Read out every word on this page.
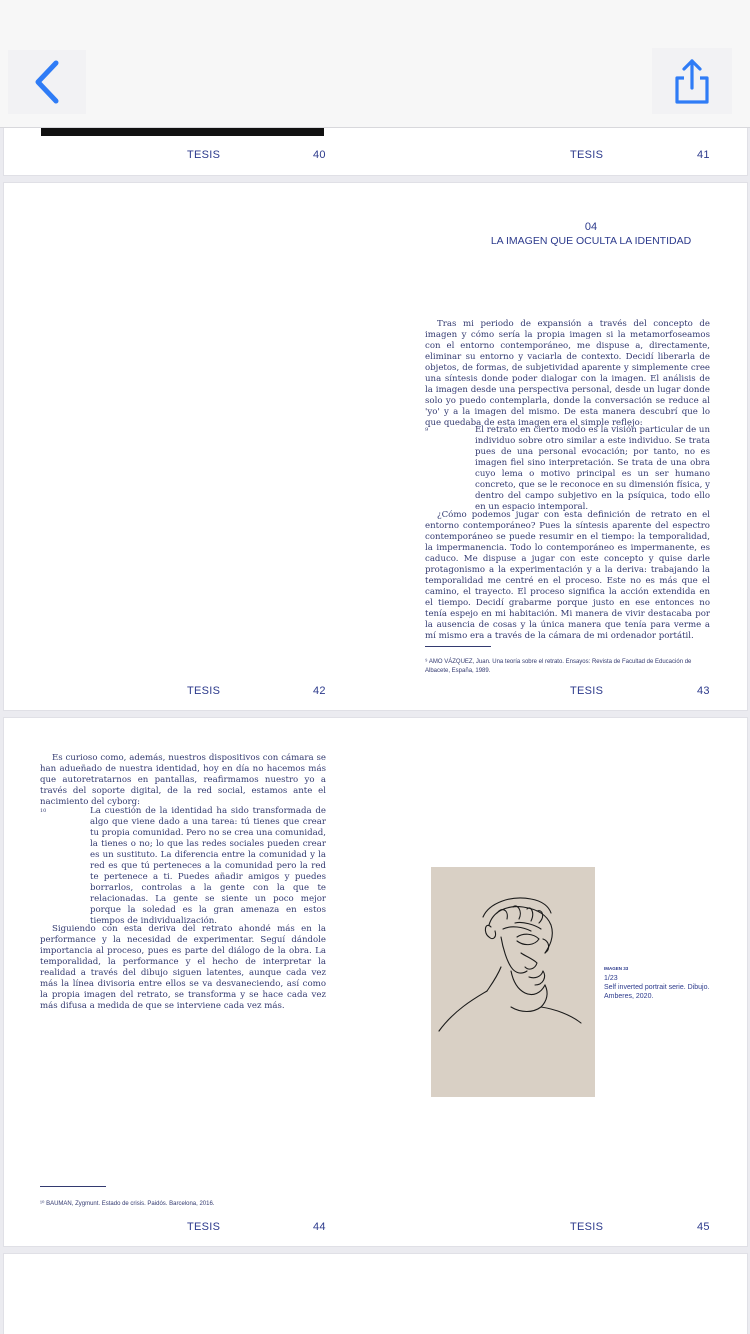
TESIS	40	TESIS	41
04
LA IMAGEN QUE OCULTA LA IDENTIDAD

Tras mi periodo de expansión a través del concepto de imagen y cómo sería la propia imagen si la metamorfoseamos con el entorno contemporáneo, me dispuse a, directamente, eliminar su entorno y vaciarla de contexto. Decidí liberarla de objetos, de formas, de subjetividad aparente y simplemente cree una síntesis donde poder dialogar con la imagen. El análisis de la imagen desde una perspectiva personal, desde un lugar donde solo yo puedo contemplarla, donde la conversación se reduce al 'yo' y a la imagen del mismo. De esta manera descubrí que lo que quedaba de esta imagen era el simple reflejo:

9	El retrato en cierto modo es la visión particular de un individuo sobre otro similar a este individuo. Se trata pues de una personal evocación; por tanto, no es imagen fiel sino interpretación. Se trata de una obra cuyo lema o motivo principal es un ser humano concreto, que se le reconoce en su dimensión física, y dentro del campo subjetivo en la psíquica, todo ello en un espacio intemporal.

¿Cómo podemos jugar con esta definición de retrato en el entorno contemporáneo? Pues la síntesis aparente del espectro contemporáneo se puede resumir en el tiempo: la temporalidad, la impermanencia. Todo lo contemporáneo es impermanente, es caduco. Me dispuse a jugar con este concepto y quise darle protagonismo a la experimentación y a la deriva: trabajando la temporalidad me centré en el proceso. Este no es más que el camino, el trayecto. El proceso significa la acción extendida en el tiempo. Decidí grabarme porque justo en ese entonces no tenía espejo en mi habitación. Mi manera de vivir destacaba por la ausencia de cosas y la única manera que tenía para verme a mí mismo era a través de la cámara de mi ordenador portátil.

⁹ AMO VÁZQUEZ, Juan. Una teoría sobre el retrato. Ensayos: Revista de Facultad de Educación de Albacete, España, 1989.
TESIS	42	TESIS	43

Es curioso como, además, nuestros dispositivos con cámara se han adueñado de nuestra identidad, hoy en día no hacemos más que autoretratarnos en pantallas, reafirmamos nuestro yo a través del soporte digital, de la red social, estamos ante el nacimiento del cyborg:

10	La cuestión de la identidad ha sido transformada de algo que viene dado a una tarea: tú tienes que crear tu propia comunidad. Pero no se crea una comunidad, la tienes o no; lo que las redes sociales pueden crear es un sustituto. La diferencia entre la comunidad y la red es que tú perteneces a la comunidad pero la red te pertenece a ti. Puedes añadir amigos y puedes borrarlos, controlas a la gente con la que te relacionadas. La gente se siente un poco mejor porque la soledad es la gran amenaza en estos tiempos de individualización.

Siguiendo con esta deriva del retrato ahondé más en la performance y la necesidad de experimentar. Seguí dándole importancia al proceso, pues es parte del diálogo de la obra. La temporalidad, la performance y el hecho de interpretar la realidad a través del dibujo siguen latentes, aunque cada vez más la línea divisoria entre ellos se va desvaneciendo, así como la propia imagen del retrato, se transforma y se hace cada vez más difusa a medida de que se interviene cada vez más.

¹⁰ BAUMAN, Zygmunt. Estado de crisis. Paidós. Barcelona, 2016.
IMAGEN 33
1/23
Self inverted portrait serie. Dibujo. Amberes, 2020.
TESIS	44	TESIS	45
